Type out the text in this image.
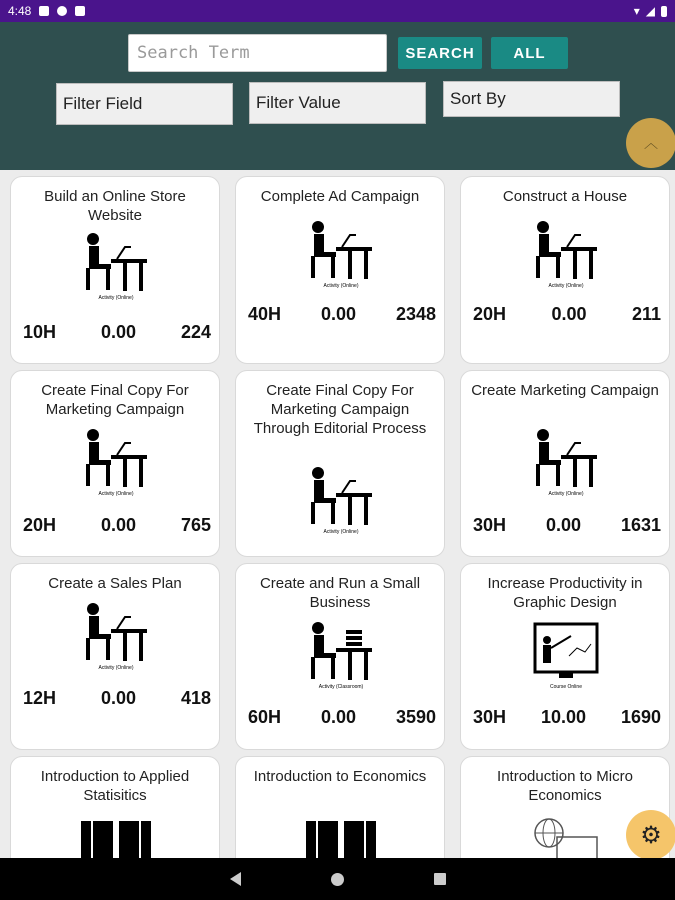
4:48	▾ ◢
Search Term
SEARCH	ALL
Filter Field	Filter Value	Sort By
︿
Build an Online Store Website
Activity (Online)
10H 0.00 224
Complete Ad Campaign
Activity (Online)
40H 0.00 2348
Construct a House
Activity (Online)
20H	0.00	211
Create Final Copy For Marketing Campaign
Activity (Online)
20H 0.00 765
Create Final Copy For Marketing Campaign Through Editorial Process
Activity (Online)
Create Marketing Campaign
Activity (Online)
30H 0.00 1631
Create a Sales Plan
Activity (Online)
12H 0.00 418
Create and Run a Small Business
Activity (Classroom)
60H 0.00 3590
Increase Productivity in Graphic Design
Course Online
30H 10.00 1690
Introduction to Applied Statisitics
Introduction to Economics	Introduction to Micro Economics
⚙
